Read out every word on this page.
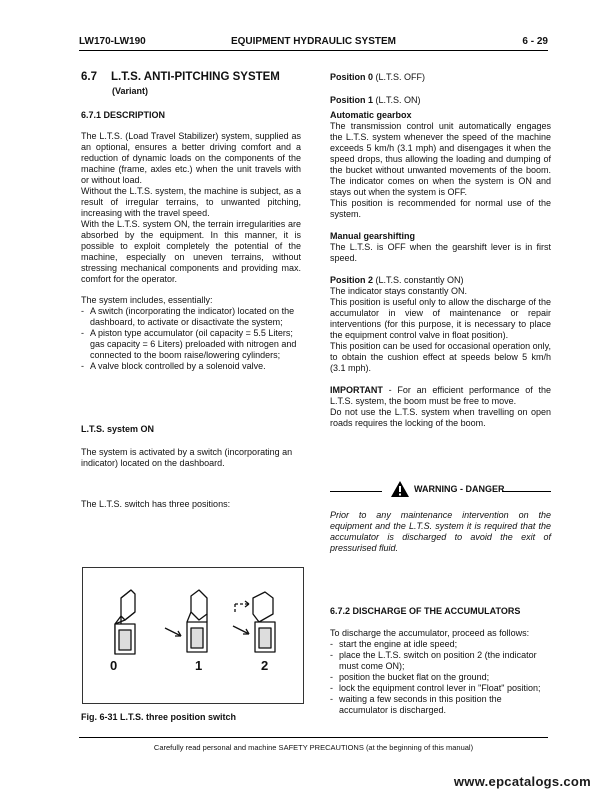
LW170-LW190	EQUIPMENT HYDRAULIC SYSTEM	6 - 29
6.7 L.T.S. ANTI-PITCHING SYSTEM
(Variant)

6.7.1 DESCRIPTION

The L.T.S. (Load Travel Stabilizer) system, supplied as an optional, ensures a better driving comfort and a reduction of dynamic loads on the components of the machine (frame, axles etc.) when the unit travels with or without load.

Without the L.T.S. system, the machine is subject, as a result of irregular terrains, to unwanted pitching, increasing with the travel speed.

With the L.T.S. system ON, the terrain irregularities are absorbed by the equipment. In this manner, it is possible to exploit completely the potential of the machine, especially on uneven terrains, without stressing mechanical components and providing max. comfort for the operator.

The system includes, essentially:

- A switch (incorporating the indicator) located on the dashboard, to activate or disactivate the system;
- A piston type accumulator (oil capacity = 5.5 Liters; gas capacity = 6 Liters) preloaded with nitrogen and connected to the boom raise/lowering cylinders;
- A valve block controlled by a solenoid valve.

L.T.S. system ON

The system is activated by a switch (incorporating an indicator) located on the dashboard.

The L.T.S. switch has three positions:

0	1	2
Fig. 6-31 L.T.S. three position switch

Position 0 (L.T.S. OFF)

Position 1 (L.T.S. ON)

Automatic gearbox

The transmission control unit automatically engages the L.T.S. system whenever the speed of the machine exceeds 5 km/h (3.1 mph) and disengages it when the speed drops, thus allowing the loading and dumping of the bucket without unwanted movements of the boom. The indicator comes on when the system is ON and stays out when the system is OFF.

This position is recommended for normal use of the system.

Manual gearshifting

The L.T.S. is OFF when the gearshift lever is in first speed.

Position 2 (L.T.S. constantly ON)

The indicator stays constantly ON.

This position is useful only to allow the discharge of the accumulator in view of maintenance or repair interventions (for this purpose, it is necessary to place the equipment control valve in float position).

This position can be used for occasional operation only, to obtain the cushion effect at speeds below 5 km/h (3.1 mph).

IMPORTANT - For an efficient performance of the L.T.S. system, the boom must be free to move.

Do not use the L.T.S. system when travelling on open roads requires the locking of the boom.

WARNING - DANGER

Prior to any maintenance intervention on the equipment and the L.T.S. system it is required that the accumulator is discharged to avoid the exit of pressurised fluid.

6.7.2 DISCHARGE OF THE ACCUMULATORS

To discharge the accumulator, proceed as follows:

- start the engine at idle speed;
- place the L.T.S. switch on position 2 (the indicator must come ON);
- position the bucket flat on the ground;
- lock the equipment control lever in "Float" position;
- waiting a few seconds in this position the accumulator is discharged.
Carefully read personal and machine SAFETY PRECAUTIONS (at the beginning of this manual)
www.epcatalogs.com
